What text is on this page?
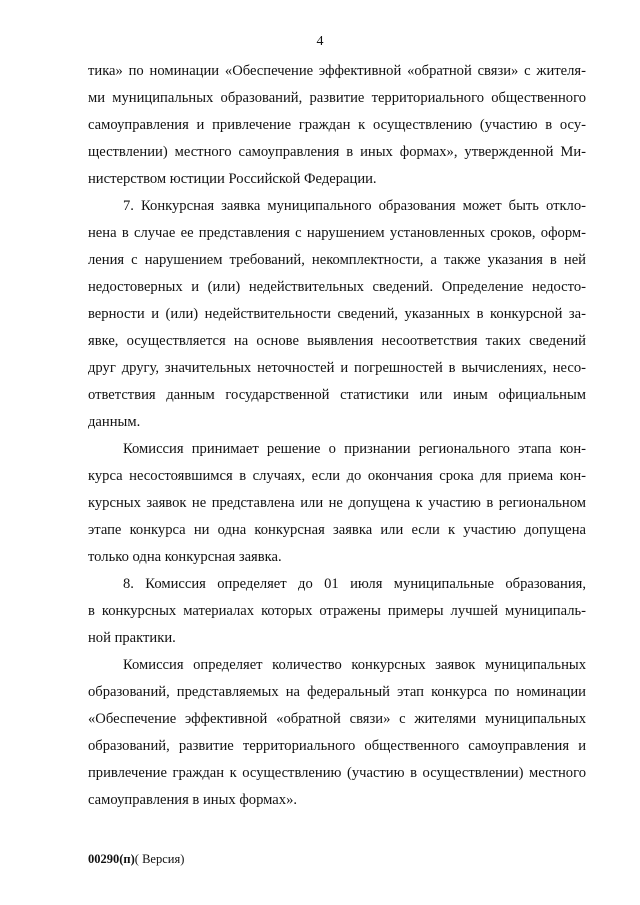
4
тика» по номинации «Обеспечение эффективной «обратной связи» с жителя-
ми муниципальных образований, развитие территориального общественного
самоуправления и привлечение граждан к осуществлению (участию в осу-
ществлении) местного самоуправления в иных формах», утвержденной Ми-
нистерством юстиции Российской Федерации.
7. Конкурсная заявка муниципального образования может быть откло-
нена в случае ее представления с нарушением установленных сроков, оформ-
ления с нарушением требований, некомплектности, а также указания в ней
недостоверных и (или) недействительных сведений. Определение недосто-
верности и (или) недействительности сведений, указанных в конкурсной за-
явке, осуществляется на основе выявления несоответствия таких сведений
друг другу, значительных неточностей и погрешностей в вычислениях, несо-
ответствия данным государственной статистики или иным официальным
данным.
Комиссия принимает решение о признании регионального этапа кон-
курса несостоявшимся в случаях, если до окончания срока для приема кон-
курсных заявок не представлена или не допущена к участию в региональном
этапе конкурса ни одна конкурсная заявка или если к участию допущена
только одна конкурсная заявка.
8. Комиссия определяет до 01 июля муниципальные образования,
в конкурсных материалах которых отражены примеры лучшей муниципаль-
ной практики.
Комиссия определяет количество конкурсных заявок муниципальных
образований, представляемых на федеральный этап конкурса по номинации
«Обеспечение эффективной «обратной связи» с жителями муниципальных
образований, развитие территориального общественного самоуправления и
привлечение граждан к осуществлению (участию в осуществлении) местного
самоуправления в иных формах».
00290(п)( Версия)
